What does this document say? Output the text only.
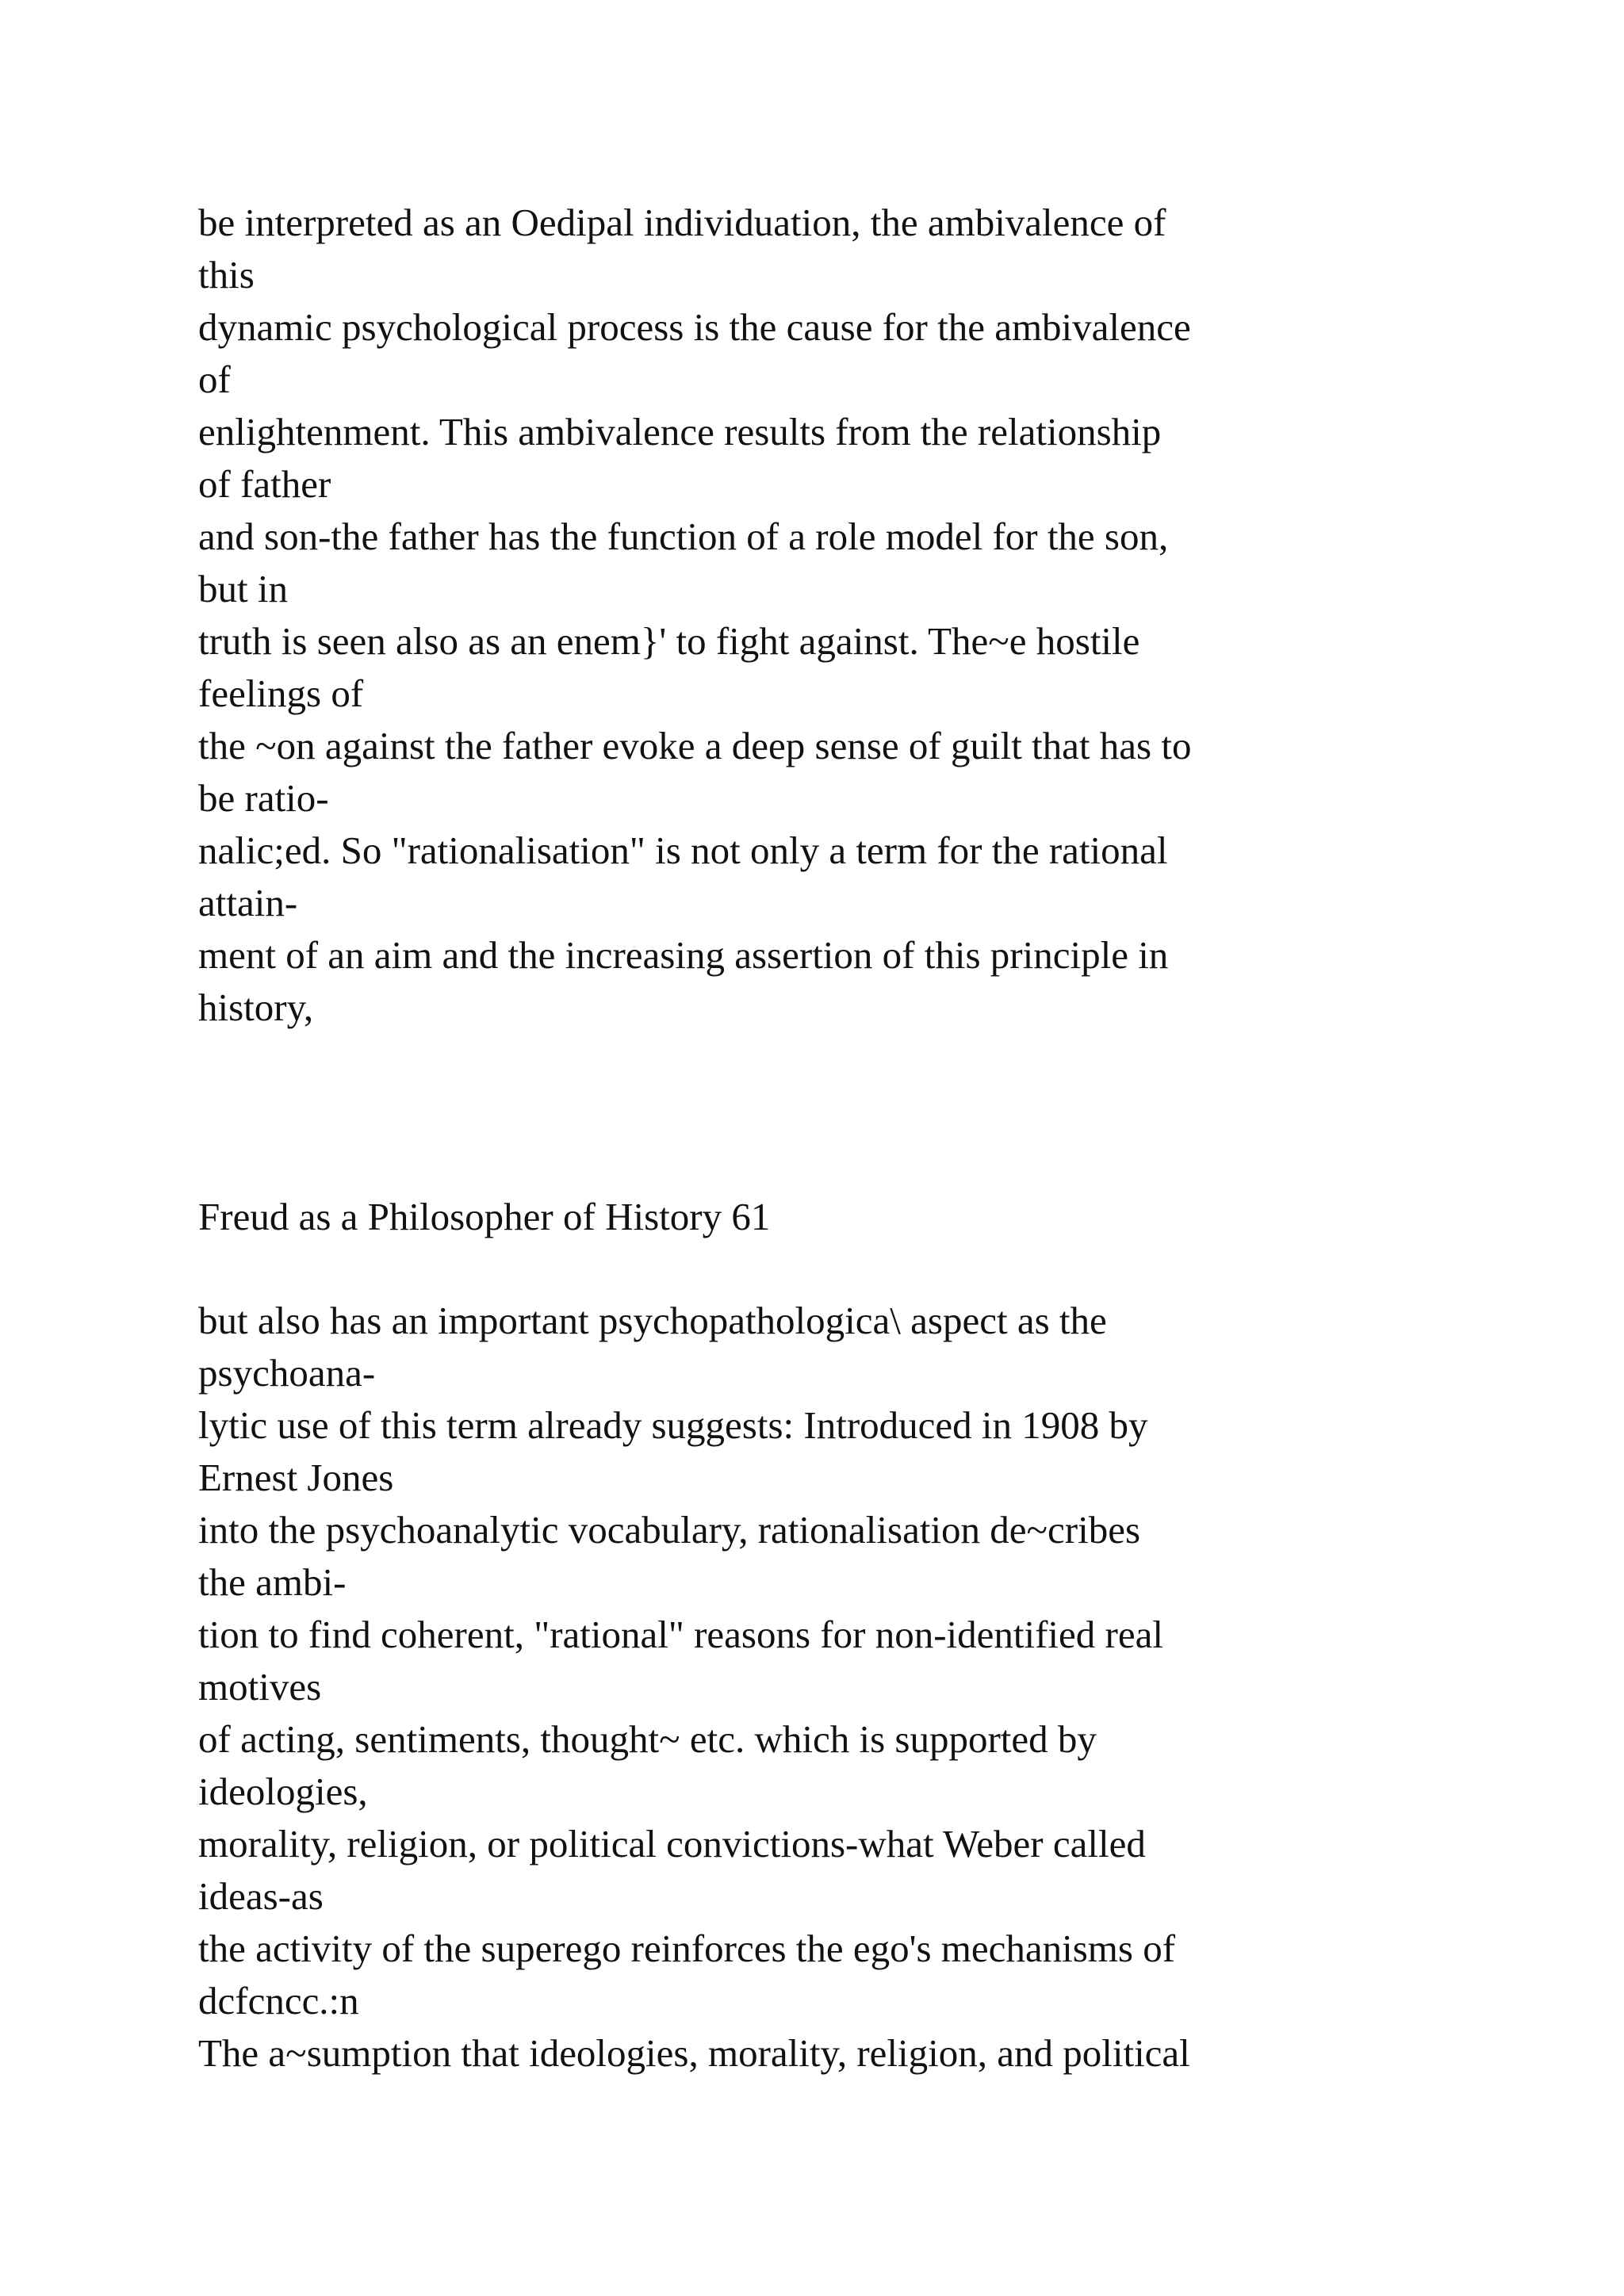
be interpreted as an Oedipal individuation, the ambivalence of
this
dynamic psychological process is the cause for the ambivalence
of
enlightenment. This ambivalence results from the relationship
of father
and son-the father has the function of a role model for the son,
but in
truth is seen also as an enem}' to fight against. The~e hostile
feelings of
the ~on against the father evoke a deep sense of guilt that has to
be ratio-
nalic;ed. So "rationalisation" is not only a term for the rational
attain-
ment of an aim and the increasing assertion of this principle in
history,
Freud as a Philosopher of History 61
but also has an important psychopathologica\ aspect as the
psychoana-
lytic use of this term already suggests: Introduced in 1908 by
Ernest Jones
into the psychoanalytic vocabulary, rationalisation de~cribes
the ambi-
tion to find coherent, "rational" reasons for non-identified real
motives
of acting, sentiments, thought~ etc. which is supported by
ideologies,
morality, religion, or political convictions-what Weber called
ideas-as
the activity of the superego reinforces the ego's mechanisms of
dcfcncc.:n
The a~sumption that ideologies, morality, religion, and political
